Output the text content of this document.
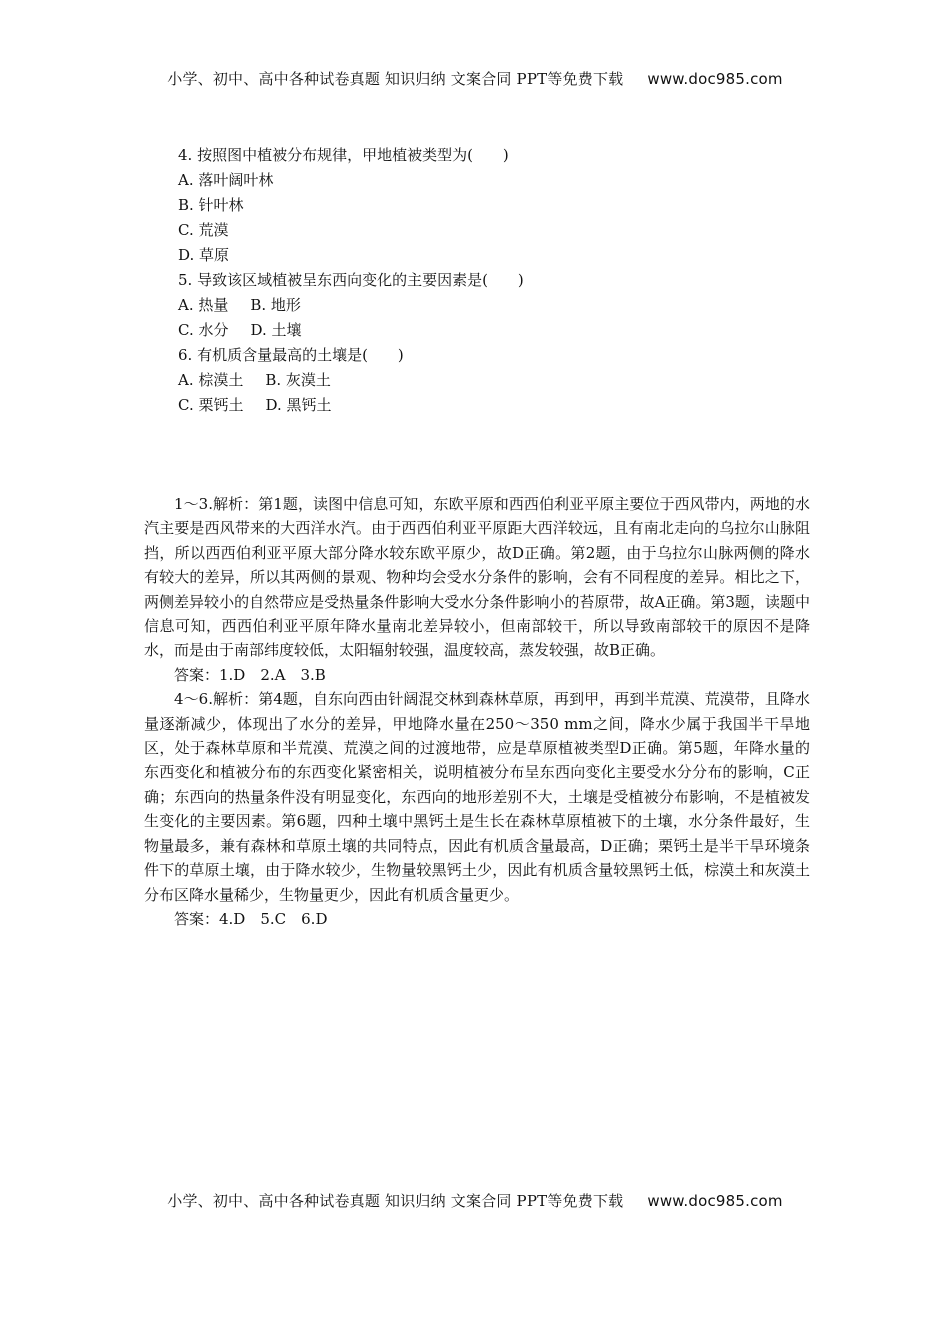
小学、初中、高中各种试卷真题 知识归纳 文案合同 PPT等免费下载 www.doc985.com
4. 按照图中植被分布规律，甲地植被类型为(　　)
A. 落叶阔叶林
B. 针叶林
C. 荒漠
D. 草原
5. 导致该区域植被呈东西向变化的主要因素是(　　)
A. 热量 B. 地形
C. 水分 D. 土壤
6. 有机质含量最高的土壤是(　　)
A. 棕漠土 B. 灰漠土
C. 栗钙土 D. 黑钙土

1～3.解析：第1题，读图中信息可知，东欧平原和西西伯利亚平原主要位于西风带内，两地的水汽主要是西风带来的大西洋水汽。由于西西伯利亚平原距大西洋较远，且有南北走向的乌拉尔山脉阻挡，所以西西伯利亚平原大部分降水较东欧平原少，故D正确。第2题，由于乌拉尔山脉两侧的降水有较大的差异，所以其两侧的景观、物种均会受水分条件的影响，会有不同程度的差异。相比之下，两侧差异较小的自然带应是受热量条件影响大受水分条件影响小的苔原带，故A正确。第3题，读题中信息可知，西西伯利亚平原年降水量南北差异较小，但南部较干，所以导致南部较干的原因不是降水，而是由于南部纬度较低，太阳辐射较强，温度较高，蒸发较强，故B正确。

答案：1.D　2.A　3.B

4～6.解析：第4题，自东向西由针阔混交林到森林草原，再到甲，再到半荒漠、荒漠带，且降水量逐渐减少，体现出了水分的差异，甲地降水量在250～350 mm之间，降水少属于我国半干旱地区，处于森林草原和半荒漠、荒漠之间的过渡地带，应是草原植被类型D正确。第5题，年降水量的东西变化和植被分布的东西变化紧密相关，说明植被分布呈东西向变化主要受水分分布的影响，C正确；东西向的热量条件没有明显变化，东西向的地形差别不大，土壤是受植被分布影响，不是植被发生变化的主要因素。第6题，四种土壤中黑钙土是生长在森林草原植被下的土壤，水分条件最好，生物量最多，兼有森林和草原土壤的共同特点，因此有机质含量最高，D正确；栗钙土是半干旱环境条件下的草原土壤，由于降水较少，生物量较黑钙土少，因此有机质含量较黑钙土低，棕漠土和灰漠土分布区降水量稀少，生物量更少，因此有机质含量更少。

答案：4.D　5.C　6.D

小学、初中、高中各种试卷真题 知识归纳 文案合同 PPT等免费下载 www.doc985.com
